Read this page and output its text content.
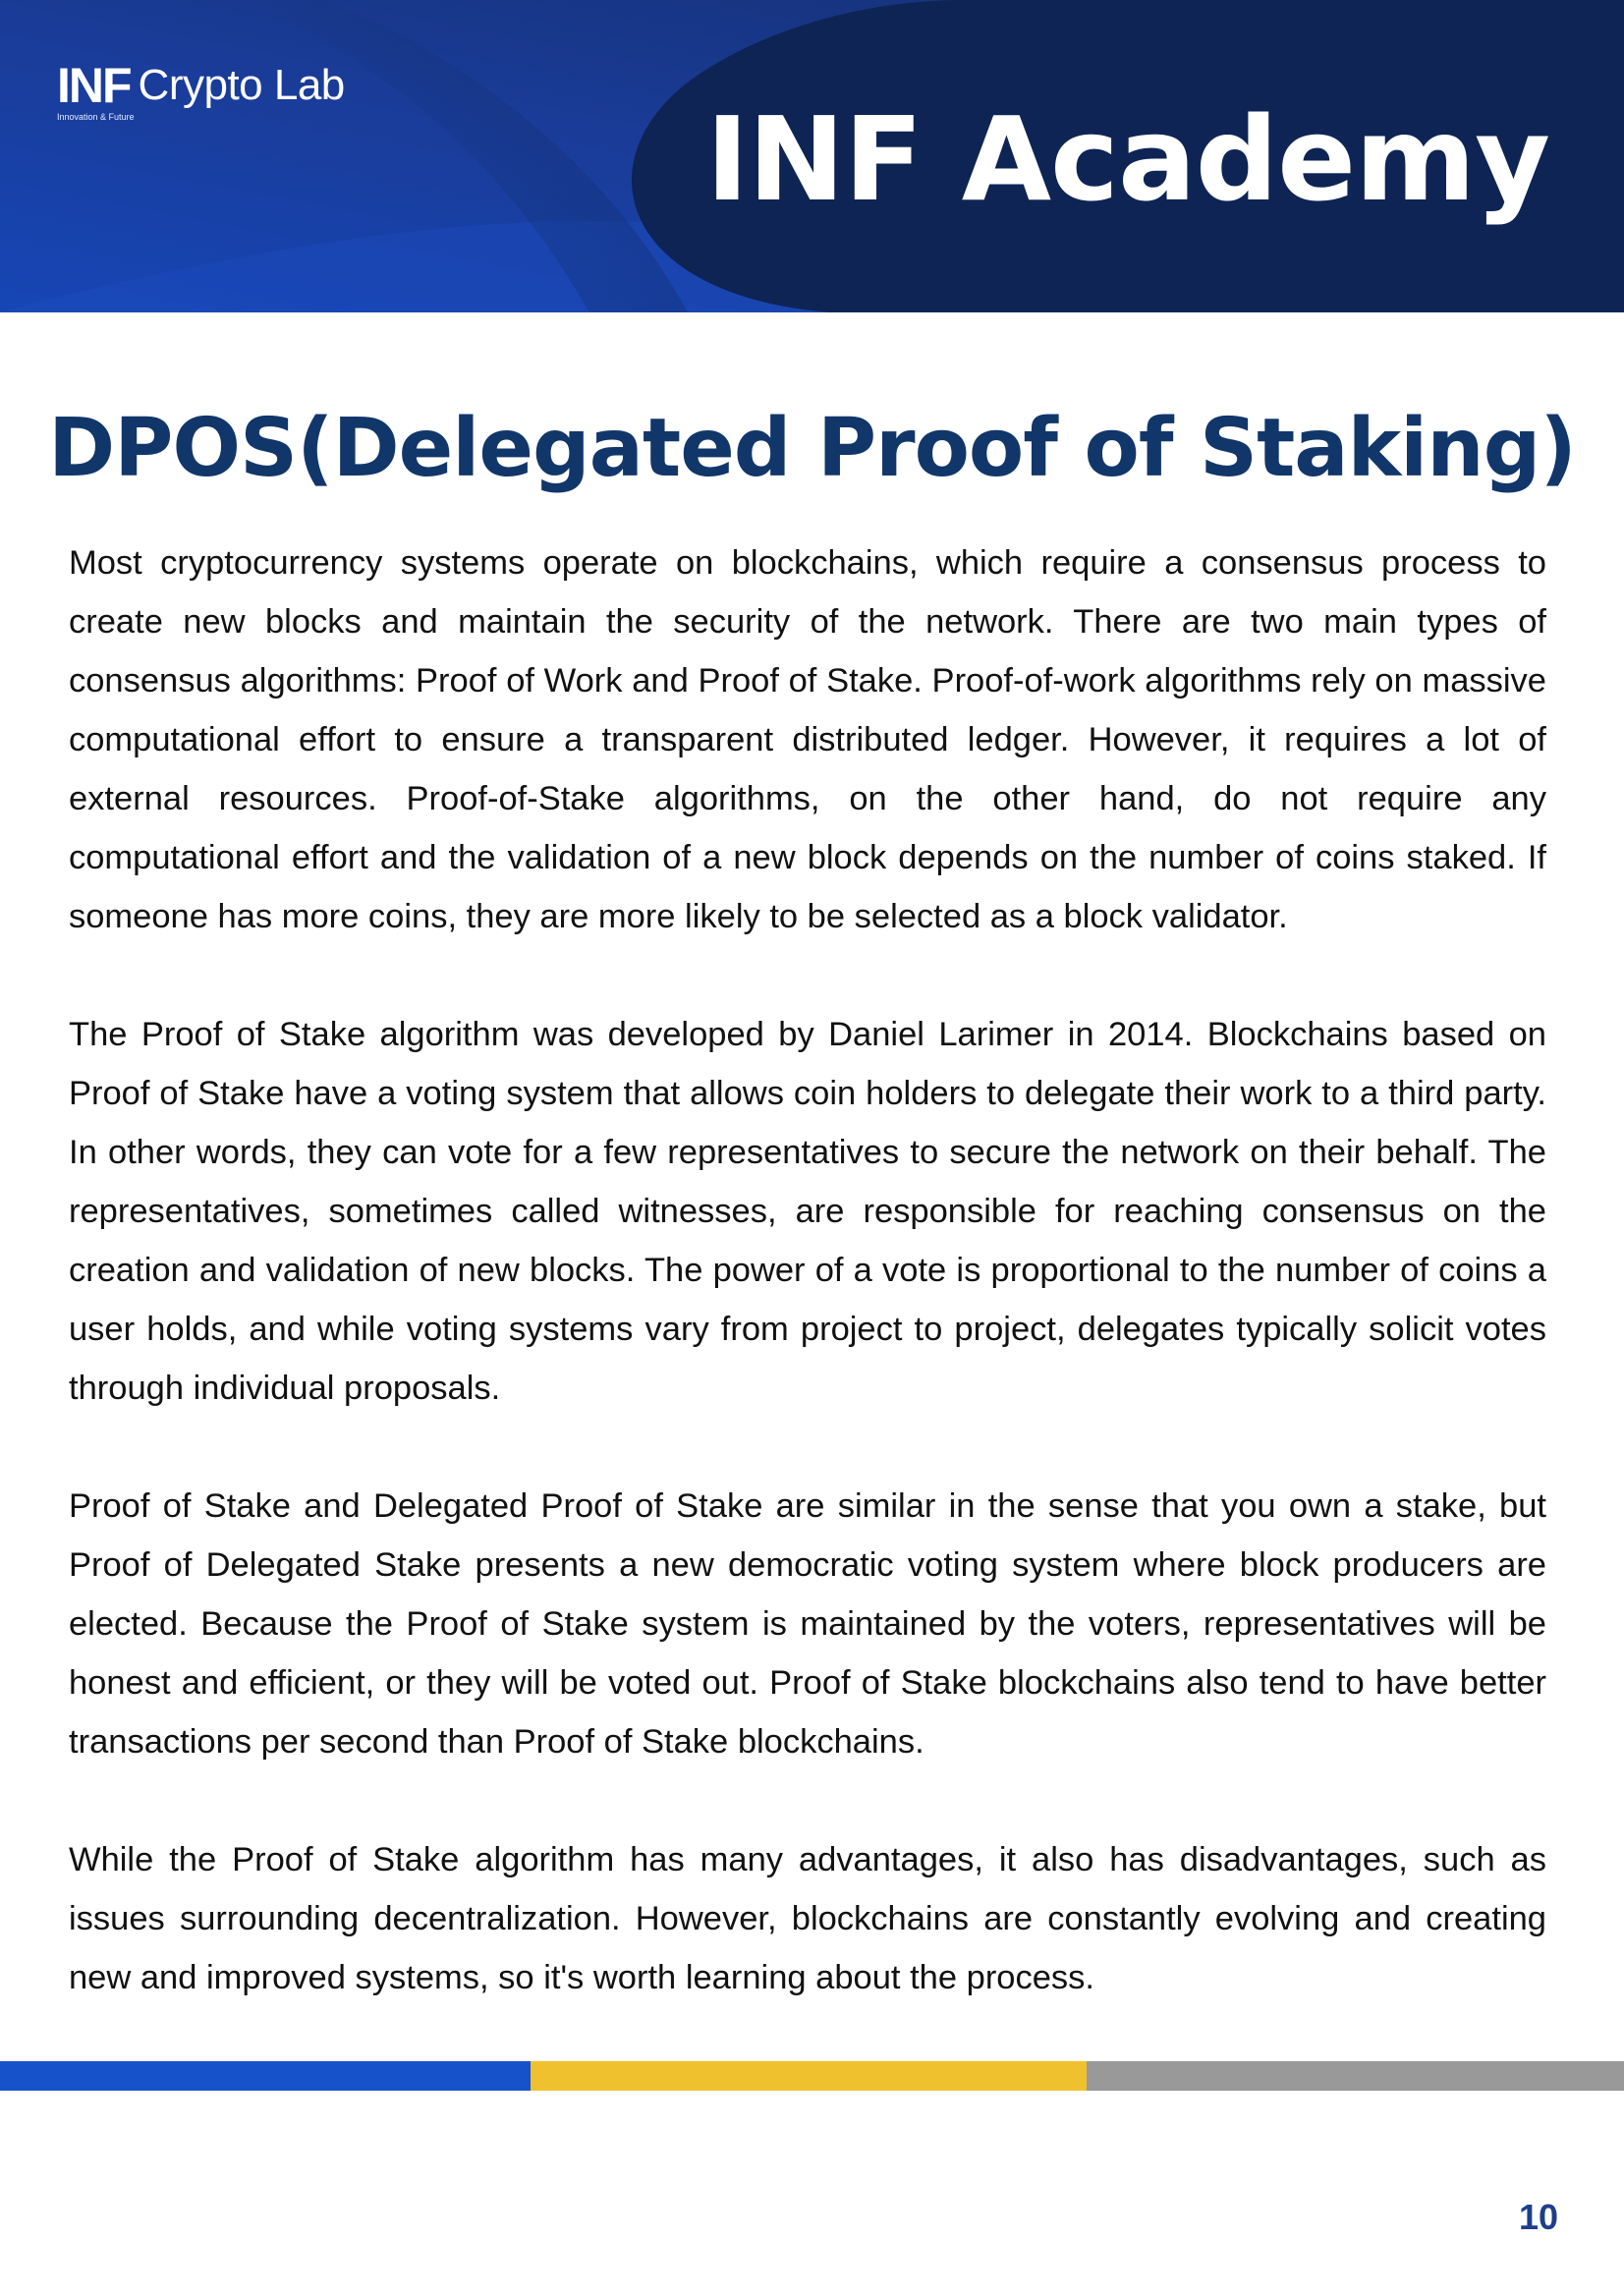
INF Crypto Lab
Innovation & Future	INF Academy
DPOS(Delegated Proof of Staking)

Most cryptocurrency systems operate on blockchains, which require a consensus process to create new blocks and maintain the security of the network. There are two main types of consensus algorithms: Proof of Work and Proof of Stake. Proof-of-work algorithms rely on massive computational effort to ensure a transparent distributed ledger. However, it requires a lot of external resources. Proof-of-Stake algorithms, on the other hand, do not require any computational effort and the validation of a new block depends on the number of coins staked. If someone has more coins, they are more likely to be selected as a block validator.

The Proof of Stake algorithm was developed by Daniel Larimer in 2014. Blockchains based on Proof of Stake have a voting system that allows coin holders to delegate their work to a third party. In other words, they can vote for a few representatives to secure the network on their behalf. The representatives, sometimes called witnesses, are responsible for reaching consensus on the creation and validation of new blocks. The power of a vote is proportional to the number of coins a user holds, and while voting systems vary from project to project, delegates typically solicit votes through individual proposals.

Proof of Stake and Delegated Proof of Stake are similar in the sense that you own a stake, but Proof of Delegated Stake presents a new democratic voting system where block producers are elected. Because the Proof of Stake system is maintained by the voters, representatives will be honest and efficient, or they will be voted out. Proof of Stake blockchains also tend to have better transactions per second than Proof of Stake blockchains.

While the Proof of Stake algorithm has many advantages, it also has disadvantages, such as issues surrounding decentralization. However, blockchains are constantly evolving and creating new and improved systems, so it's worth learning about the process.

10
